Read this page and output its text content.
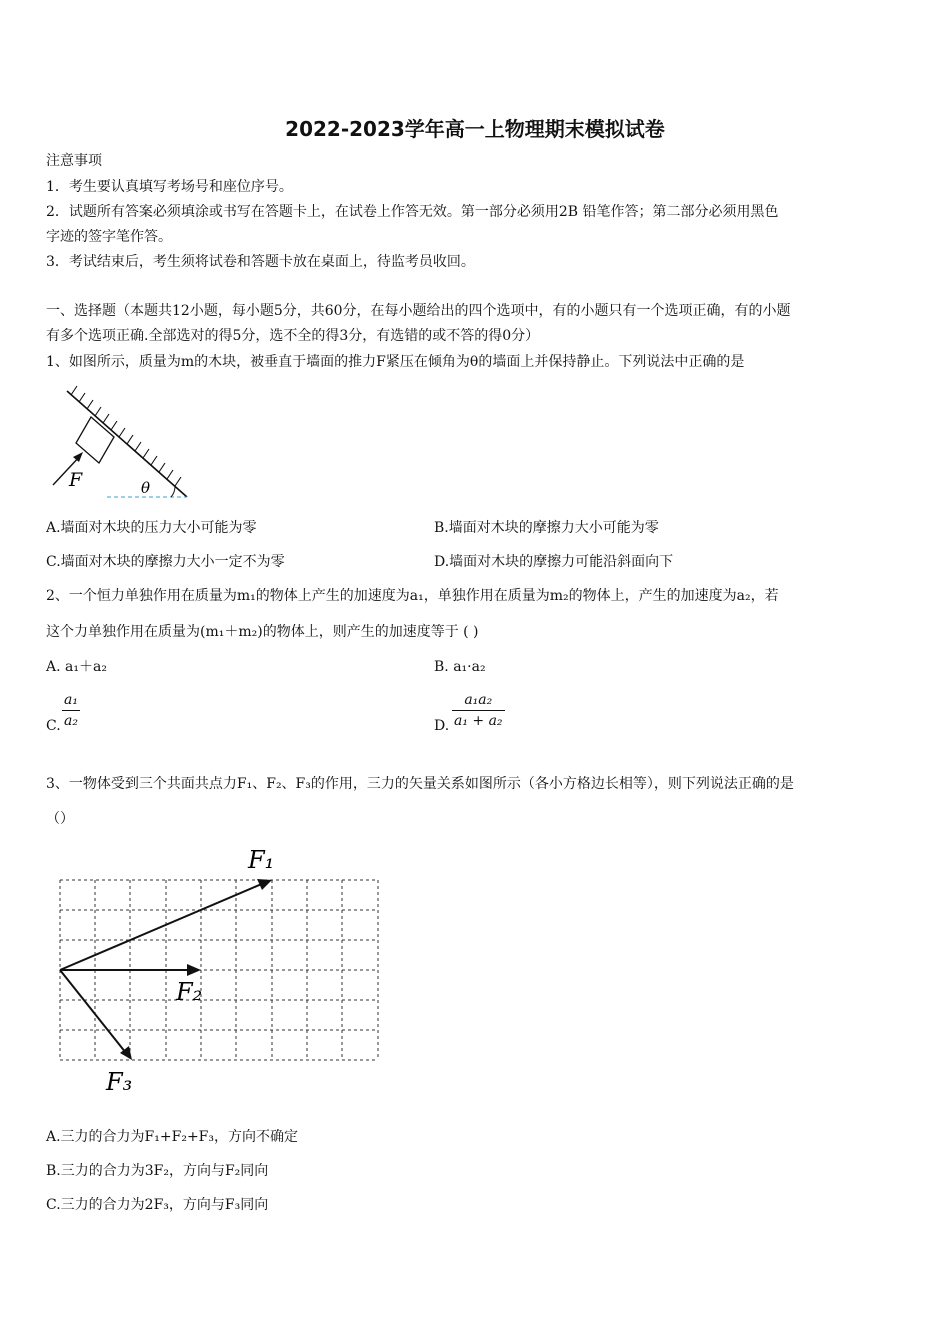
2022-2023学年高一上物理期末模拟试卷
注意事项
1．考生要认真填写考场号和座位序号。
2．试题所有答案必须填涂或书写在答题卡上，在试卷上作答无效。第一部分必须用2B 铅笔作答；第二部分必须用黑色
字迹的签字笔作答。
3．考试结束后，考生须将试卷和答题卡放在桌面上，待监考员收回。
一、选择题（本题共12小题，每小题5分，共60分，在每小题给出的四个选项中，有的小题只有一个选项正确，有的小题
有多个选项正确.全部选对的得5分，选不全的得3分，有选错的或不答的得0分）
1、如图所示，质量为m的木块，被垂直于墙面的推力F紧压在倾角为θ的墙面上并保持静止。下列说法中正确的是
F	θ
A.墙面对木块的压力大小可能为零	B.墙面对木块的摩擦力大小可能为零
C.墙面对木块的摩擦力大小一定不为零	D.墙面对木块的摩擦力可能沿斜面向下
2、一个恒力单独作用在质量为m₁的物体上产生的加速度为a₁，单独作用在质量为m₂的物体上，产生的加速度为a₂，若
这个力单独作用在质量为(m₁＋m₂)的物体上，则产生的加速度等于 ( )
A. a₁＋a₂	B. a₁·a₂
C.
a₁
a₂	D.
a₁a₂
a₁ + a₂
3、一物体受到三个共面共点力F₁、F₂、F₃的作用，三力的矢量关系如图所示（各小方格边长相等），则下列说法正确的是
（）
F₁
F₂
F₃
A.三力的合力为F₁+F₂+F₃，方向不确定
B.三力的合力为3F₂，方向与F₂同向
C.三力的合力为2F₃，方向与F₃同向
